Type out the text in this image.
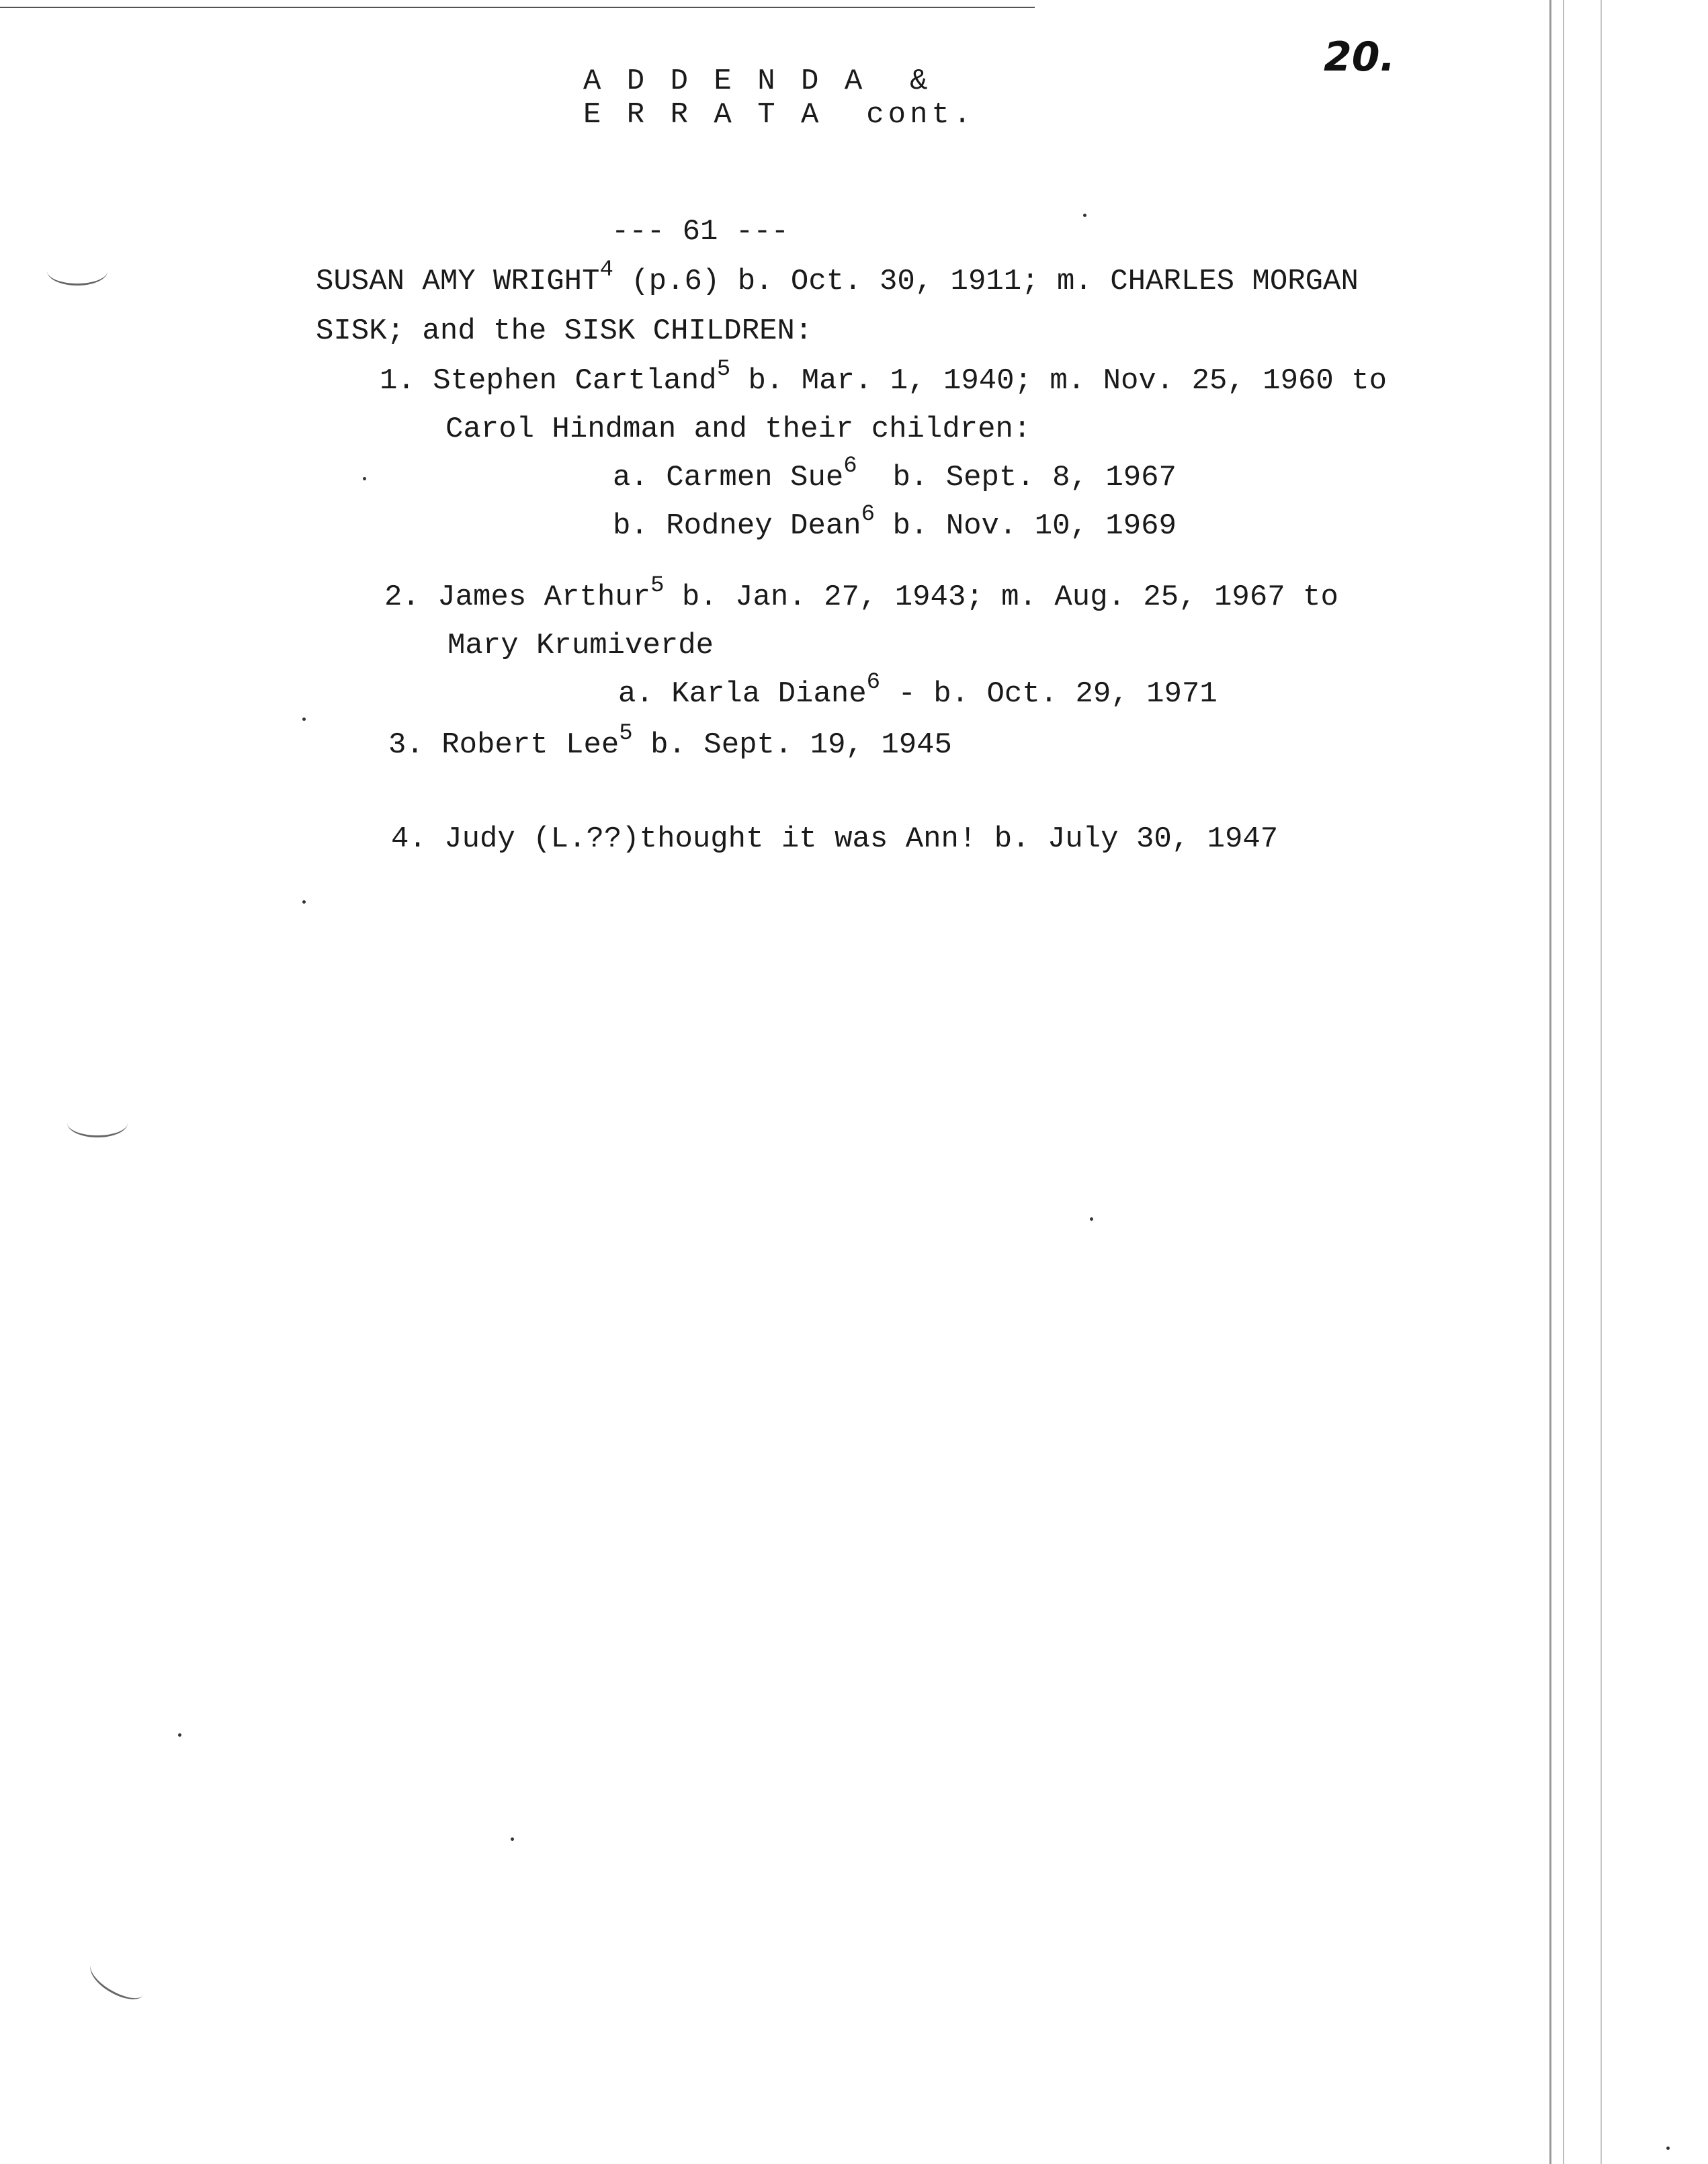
20.
A D D E N D A  &
E R R A T A  cont.
--- 61 ---
SUSAN AMY WRIGHT$^4$ (p.6) b. Oct. 30, 1911; m. CHARLES MORGAN
SISK; and the SISK CHILDREN:
1. Stephen Cartland$^5$ b. Mar. 1, 1940; m. Nov. 25, 1960 to
Carol Hindman and their children:
a. Carmen Sue$^6$  b. Sept. 8, 1967
b. Rodney Dean$^6$ b. Nov. 10, 1969
2. James Arthur$^5$ b. Jan. 27, 1943; m. Aug. 25, 1967 to
Mary Krumiverde
a. Karla Diane$^6$ - b. Oct. 29, 1971
3. Robert Lee$^5$ b. Sept. 19, 1945
4. Judy (L.??)thought it was Ann! b. July 30, 1947
